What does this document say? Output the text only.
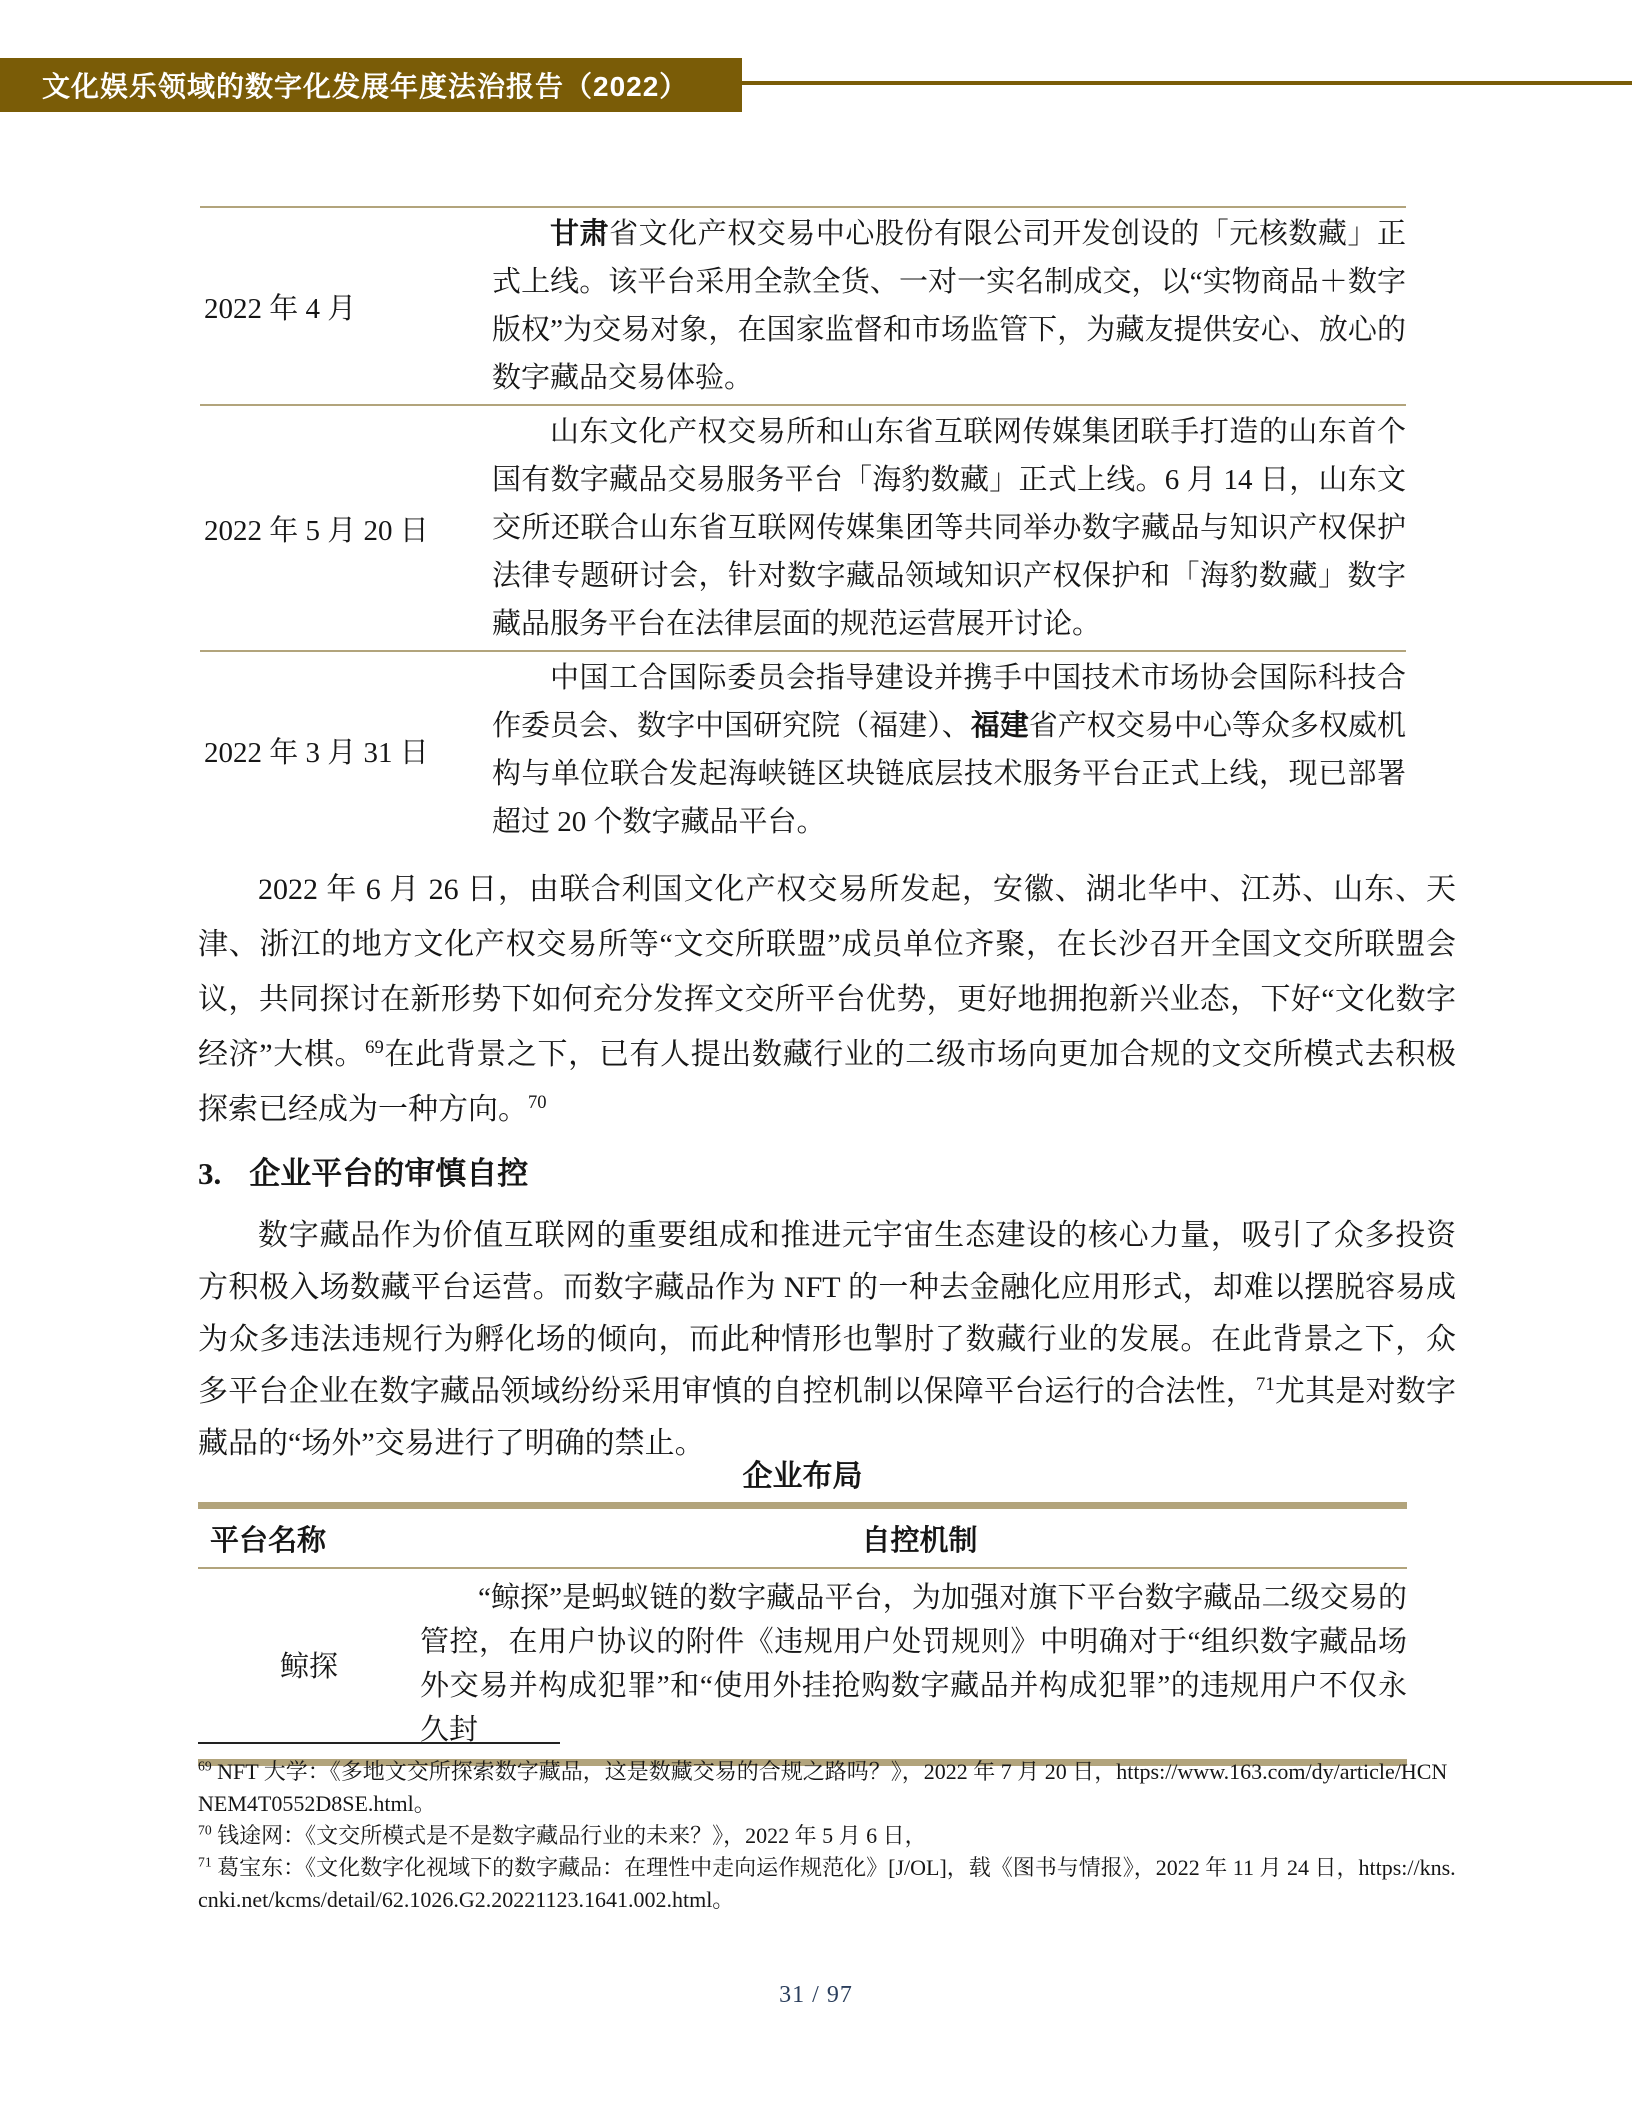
文化娱乐领域的数字化发展年度法治报告（2022）
2022 年 4 月
甘肃省文化产权交易中心股份有限公司开发创设的「元核数藏」正式上线。该平台采用全款全货、一对一实名制成交，以“实物商品＋数字版权”为交易对象，在国家监督和市场监管下，为藏友提供安心、放心的数字藏品交易体验。
2022 年 5 月 20 日
山东文化产权交易所和山东省互联网传媒集团联手打造的山东首个国有数字藏品交易服务平台「海豹数藏」正式上线。6 月 14 日，山东文交所还联合山东省互联网传媒集团等共同举办数字藏品与知识产权保护法律专题研讨会，针对数字藏品领域知识产权保护和「海豹数藏」数字藏品服务平台在法律层面的规范运营展开讨论。
2022 年 3 月 31 日
中国工合国际委员会指导建设并携手中国技术市场协会国际科技合作委员会、数字中国研究院（福建）、福建省产权交易中心等众多权威机构与单位联合发起海峡链区块链底层技术服务平台正式上线，现已部署超过 20 个数字藏品平台。

2022 年 6 月 26 日，由联合利国文化产权交易所发起，安徽、湖北华中、江苏、山东、天津、浙江的地方文化产权交易所等“文交所联盟”成员单位齐聚，在长沙召开全国文交所联盟会议，共同探讨在新形势下如何充分发挥文交所平台优势，更好地拥抱新兴业态，下好“文化数字经济”大棋。$^{69}$在此背景之下，已有人提出数藏行业的二级市场向更加合规的文交所模式去积极探索已经成为一种方向。$^{70}$

3. 企业平台的审慎自控

数字藏品作为价值互联网的重要组成和推进元宇宙生态建设的核心力量，吸引了众多投资方积极入场数藏平台运营。而数字藏品作为 NFT 的一种去金融化应用形式，却难以摆脱容易成为众多违法违规行为孵化场的倾向，而此种情形也掣肘了数藏行业的发展。在此背景之下，众多平台企业在数字藏品领域纷纷采用审慎的自控机制以保障平台运行的合法性，$^{71}$尤其是对数字藏品的“场外”交易进行了明确的禁止。

企业布局
平台名称	自控机制
鲸探
“鲸探”是蚂蚁链的数字藏品平台，为加强对旗下平台数字藏品二级交易的管控，在用户协议的附件《违规用户处罚规则》中明确对于“组织数字藏品场外交易并构成犯罪”和“使用外挂抢购数字藏品并构成犯罪”的违规用户不仅永久封

$^{69}$ NFT 大学：《多地文交所探索数字藏品，这是数藏交易的合规之路吗？》，2022 年 7 月 20 日，https://www.163.com/dy/article/HCNNEM4T0552D8SE.html。

$^{70}$ 钱途网：《文交所模式是不是数字藏品行业的未来？》，2022 年 5 月 6 日，

$^{71}$ 葛宝东：《文化数字化视域下的数字藏品：在理性中走向运作规范化》[J/OL]，载《图书与情报》，2022 年 11 月 24 日，https://kns.cnki.net/kcms/detail/62.1026.G2.20221123.1641.002.html。

31 / 97
